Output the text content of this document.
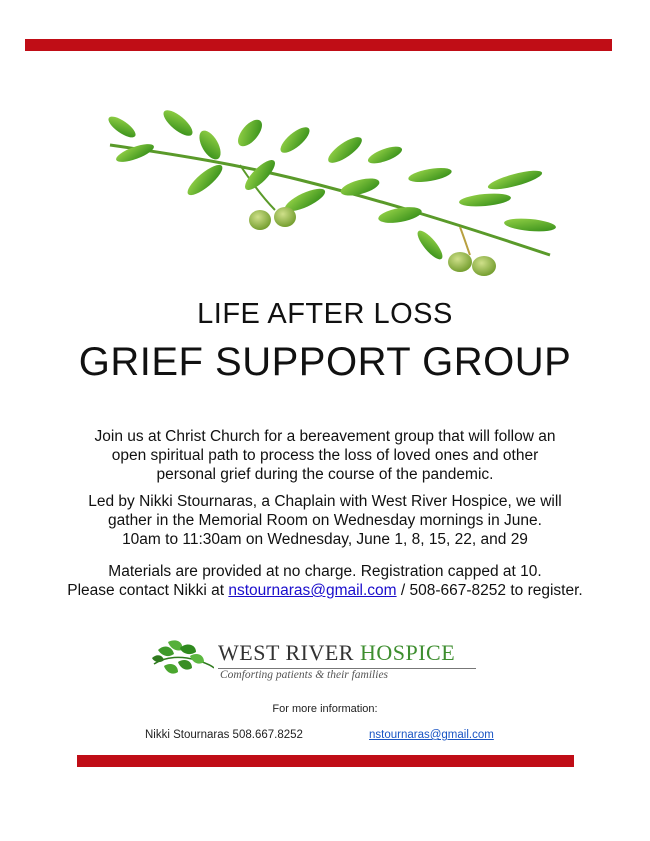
LIFE AFTER LOSS
GRIEF SUPPORT GROUP
Join us at Christ Church for a bereavement group that will follow an open spiritual path to process the loss of loved ones and other personal grief during the course of the pandemic.
Led by Nikki Stournaras, a Chaplain with West River Hospice, we will gather in the Memorial Room on Wednesday mornings in June.
10am to 11:30am on Wednesday, June 1, 8, 15, 22, and 29
Materials are provided at no charge. Registration capped at 10.
Please contact Nikki at nstournaras@gmail.com / 508-667-8252 to register.
WEST RIVER HOSPICE
Comforting patients & their families
For more information:
Nikki Stournaras 508.667.8252	nstournaras@gmail.com
